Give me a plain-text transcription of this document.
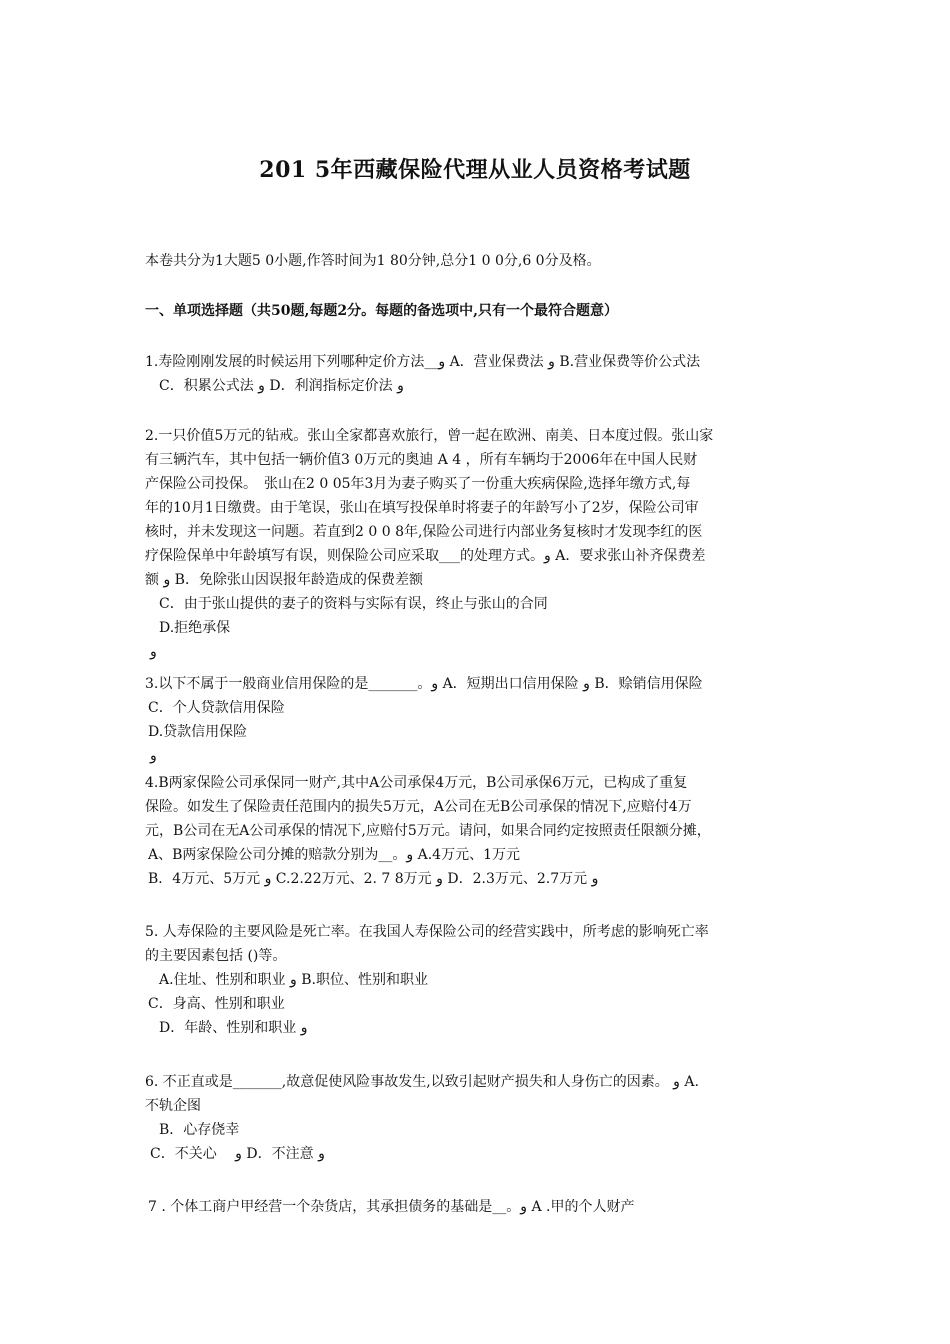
201 5年西藏保险代理从业人员资格考试题
本卷共分为1大题5 0小题,作答时间为1 80分钟,总分1 0 0分,6 0分及格。
一、单项选择题（共50题,每题2分。每题的备选项中,只有一个最符合题意）
1.寿险刚刚发展的时候运用下列哪种定价方法__و A．营业保费法 و B.营业保费等价公式法
C．积累公式法 و D．利润指标定价法 و
2.一只价值5万元的钻戒。张山全家都喜欢旅行，曾一起在欧洲、南美、日本度过假。张山家
有三辆汽车，其中包括一辆价值3 0万元的奥迪 A 4 ，所有车辆均于2006年在中国人民财
产保险公司投保。　张山在2 0 05年3月为妻子购买了一份重大疾病保险,选择年缴方式,每
年的10月1日缴费。由于笔误，张山在填写投保单时将妻子的年龄写小了2岁，保险公司审
核时，并未发现这一问题。若直到2 0 0 8年,保险公司进行内部业务复核时才发现李红的医
疗保险保单中年龄填写有误，则保险公司应采取___的处理方式。و A．要求张山补齐保费差
额 و B．免除张山因误报年龄造成的保费差额
C．由于张山提供的妻子的资料与实际有误，终止与张山的合同
D.拒绝承保
و
3.以下不属于一般商业信用保险的是_______。و A．短期出口信用保险 و B．赊销信用保险
C．个人贷款信用保险
D.贷款信用保险
و
4.B两家保险公司承保同一财产,其中A公司承保4万元，B公司承保6万元，已构成了重复
保险。如发生了保险责任范围内的损失5万元，A公司在无B公司承保的情况下,应赔付4万
元，B公司在无A公司承保的情况下,应赔付5万元。请问，如果合同约定按照责任限额分摊，
A、B两家保险公司分摊的赔款分别为__。و A.4万元、1万元
B．4万元、5万元 و C.2.22万元、2. 7 8万元 و D．2.3万元、2.7万元 و
5. 人寿保险的主要风险是死亡率。在我国人寿保险公司的经营实践中，所考虑的影响死亡率
的主要因素包括 ()等。
A.住址、性别和职业 و B.职位、性别和职业
C．身高、性别和职业
D．年龄、性别和职业 و
6. 不正直或是_______,故意促使风险事故发生,以致引起财产损失和人身伤亡的因素。 و A.
不轨企图
B．心存侥幸
C．不关心　 و D．不注意 و
7 . 个体工商户甲经营一个杂货店，其承担债务的基础是__。و A .甲的个人财产
